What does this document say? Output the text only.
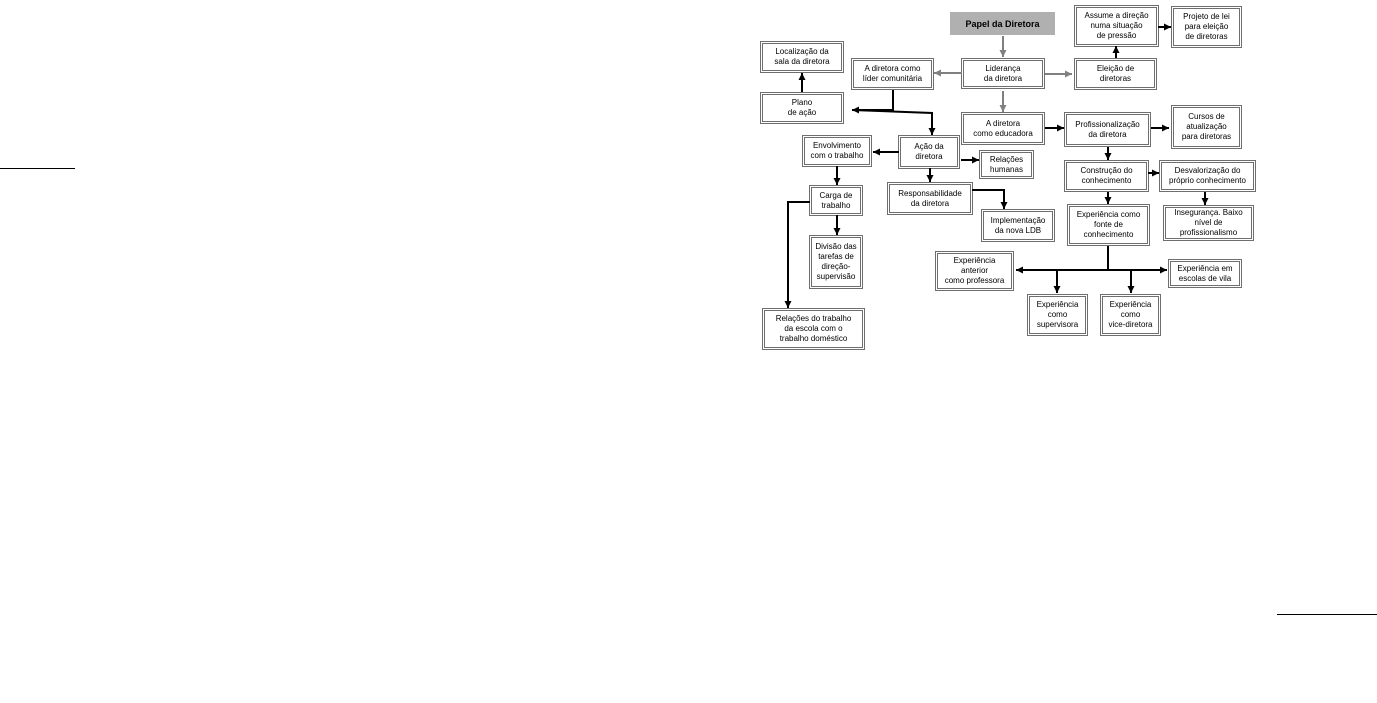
Papel da Diretora
Assume a direção
numa situação
de pressão
Projeto de lei
para eleição
de diretoras
Localização da
sala da diretora
A diretora como
líder comunitária
Liderança
da diretora
Eleição de
diretoras
Plano
de ação
A diretora
como educadora
Profissionalização
da diretora
Cursos de
atualização
para diretoras
Envolvimento
com o trabalho
Ação da
diretora	Relações
humanas	Construção do
conhecimento
Desvalorização do
próprio conhecimento
Carga de
trabalho
Responsabilidade
da diretora
Implementação
da nova LDB
Experiência como
fonte de
conhecimento
Insegurança. Baixo
nível de
profissionalismo
Divisão das
tarefas de
direção-
supervisão
Experiência
anterior
como professora
Experiência em
escolas de vila
Experiência
como
supervisora
Experiência
como
vice-diretora
Relações do trabalho
da escola com o
trabalho doméstico
